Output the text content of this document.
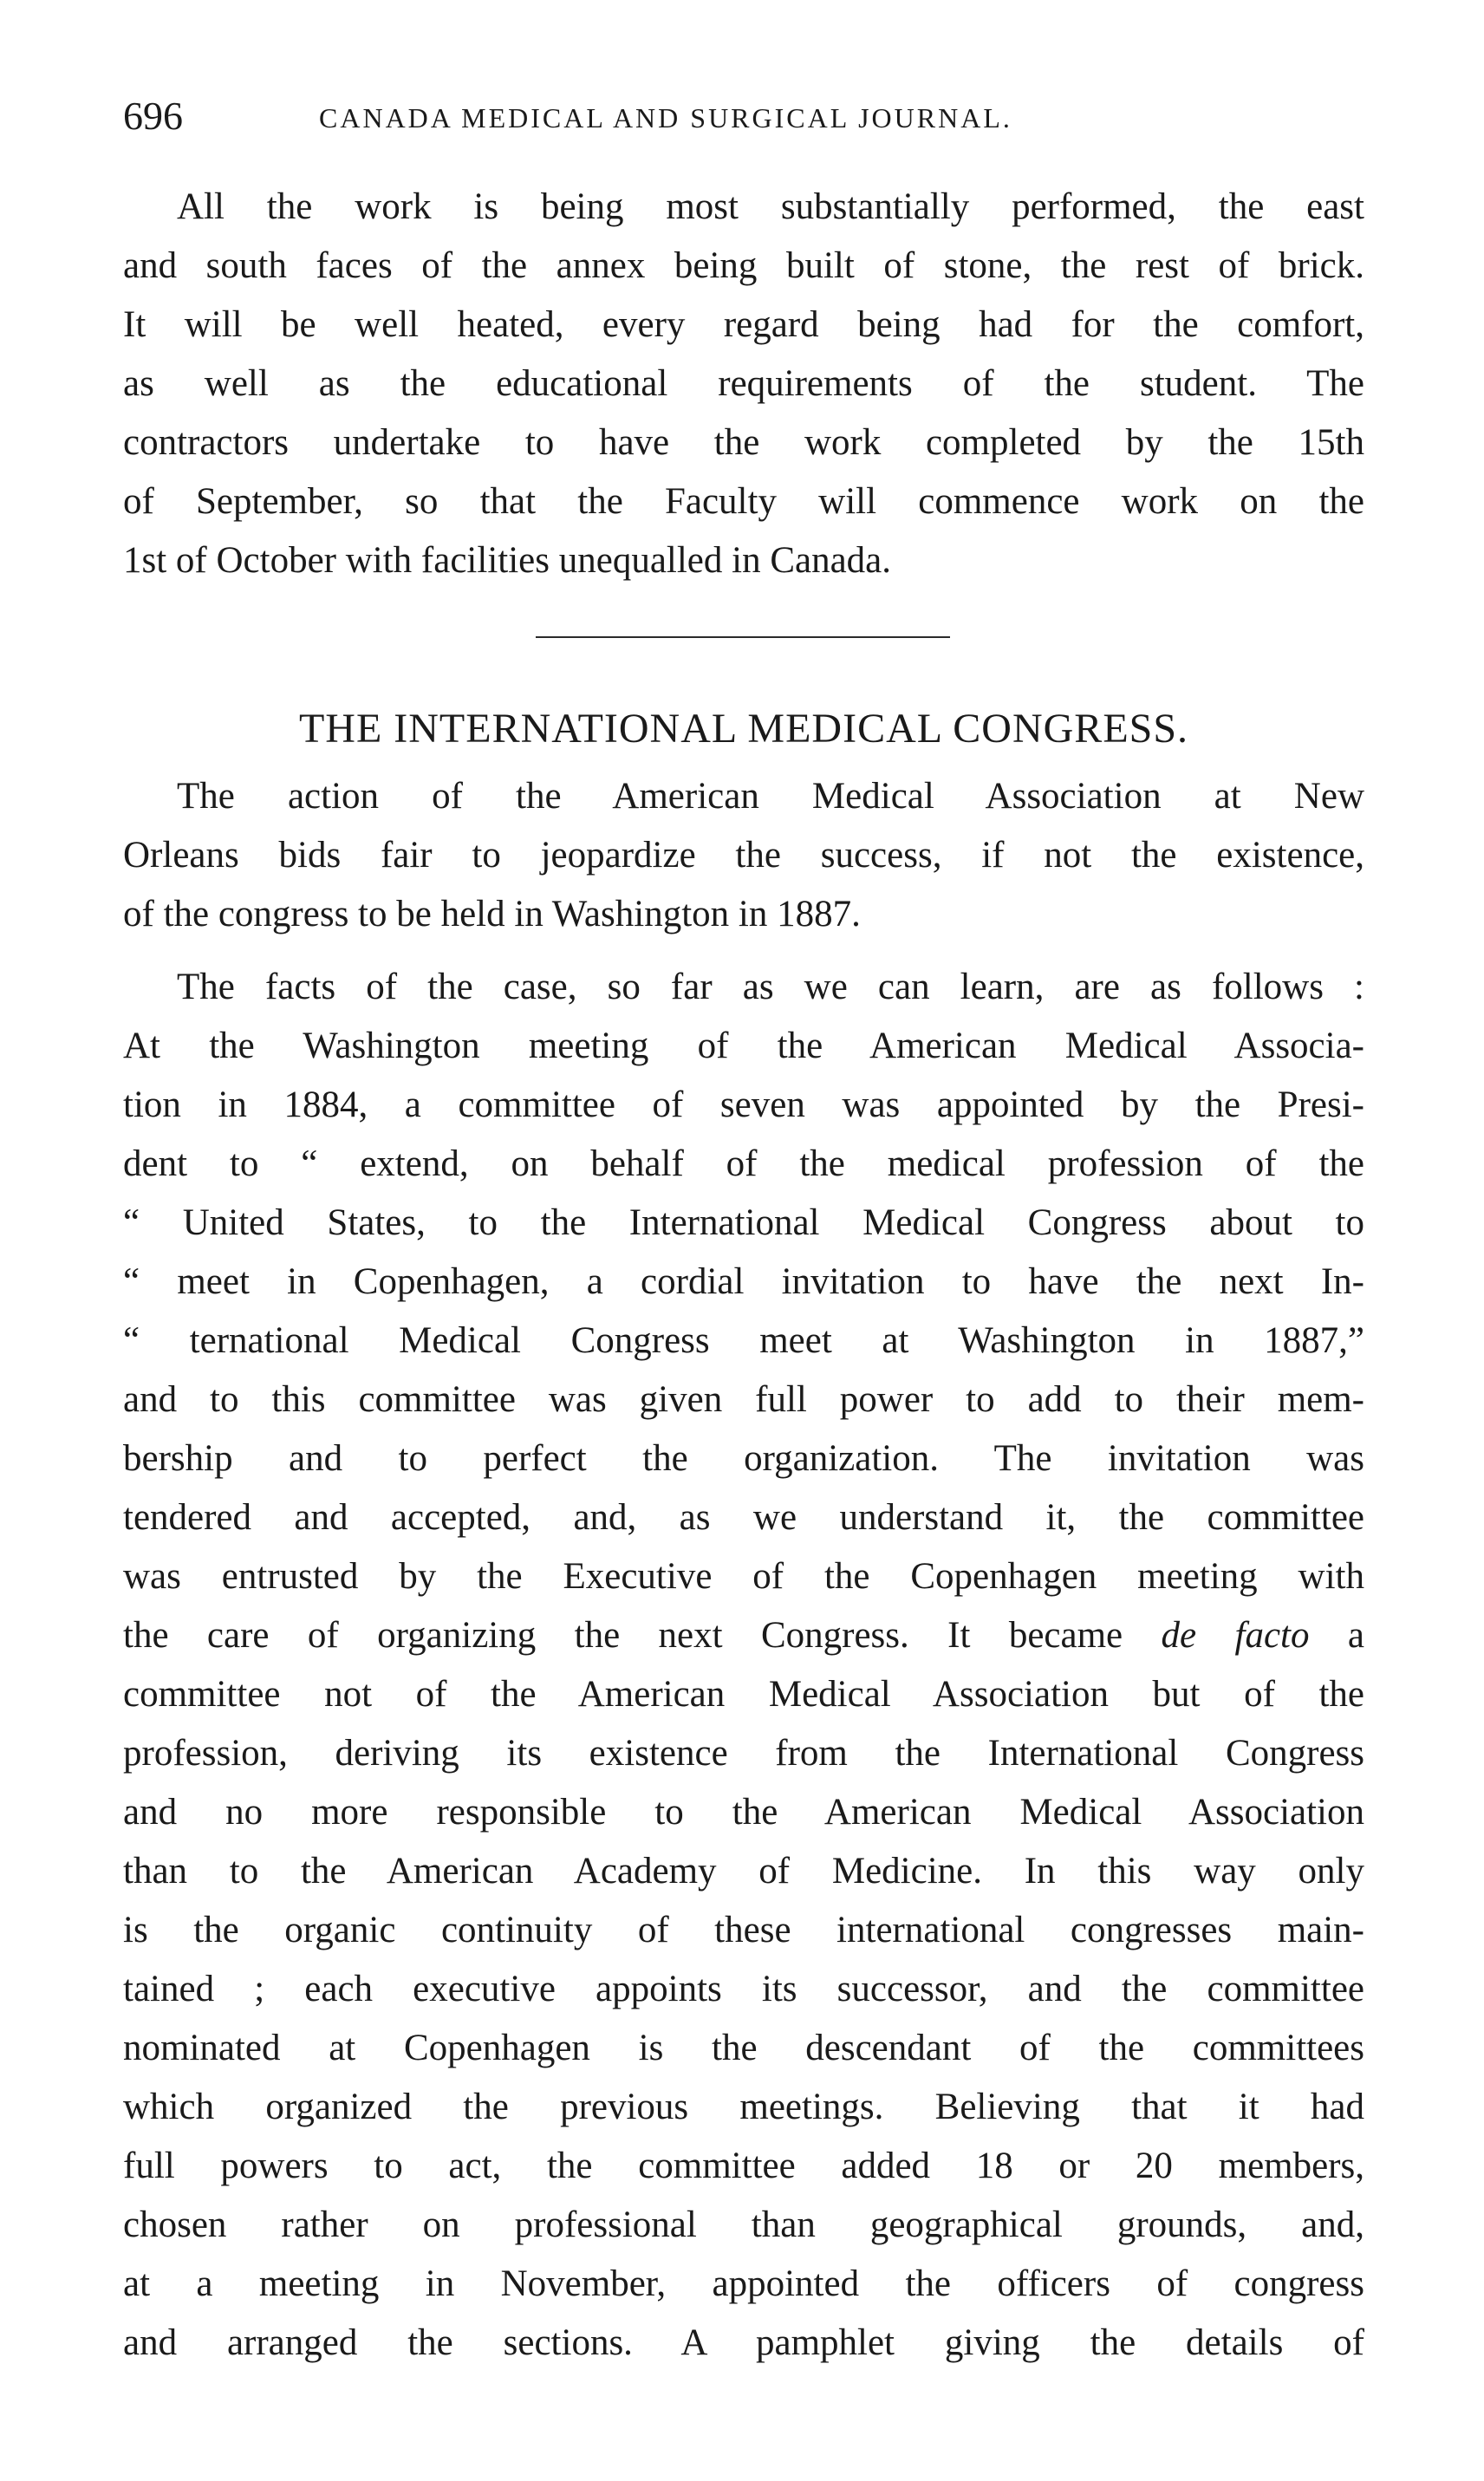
696	CANADA MEDICAL AND SURGICAL JOURNAL.
All the work is being most substantially performed, the east
and south faces of the annex being built of stone, the rest of brick.
It will be well heated, every regard being had for the comfort,
as well as the educational requirements of the student. The
contractors undertake to have the work completed by the 15th
of September, so that the Faculty will commence work on the
1st of October with facilities unequalled in Canada.
THE INTERNATIONAL MEDICAL CONGRESS.
The action of the American Medical Association at New
Orleans bids fair to jeopardize the success, if not the existence,
of the congress to be held in Washington in 1887.
The facts of the case, so far as we can learn, are as follows :
At the Washington meeting of the American Medical Associa-
tion in 1884, a committee of seven was appointed by the Presi-
dent to “ extend, on behalf of the medical profession of the
“ United States, to the International Medical Congress about to
“ meet in Copenhagen, a cordial invitation to have the next In-
“ ternational Medical Congress meet at Washington in 1887,”
and to this committee was given full power to add to their mem-
bership and to perfect the organization. The invitation was
tendered and accepted, and, as we understand it, the committee
was entrusted by the Executive of the Copenhagen meeting with
the care of organizing the next Congress. It became de facto a
committee not of the American Medical Association but of the
profession, deriving its existence from the International Congress
and no more responsible to the American Medical Association
than to the American Academy of Medicine. In this way only
is the organic continuity of these international congresses main-
tained ; each executive appoints its successor, and the committee
nominated at Copenhagen is the descendant of the committees
which organized the previous meetings. Believing that it had
full powers to act, the committee added 18 or 20 members,
chosen rather on professional than geographical grounds, and,
at a meeting in November, appointed the officers of congress
and arranged the sections. A pamphlet giving the details of
